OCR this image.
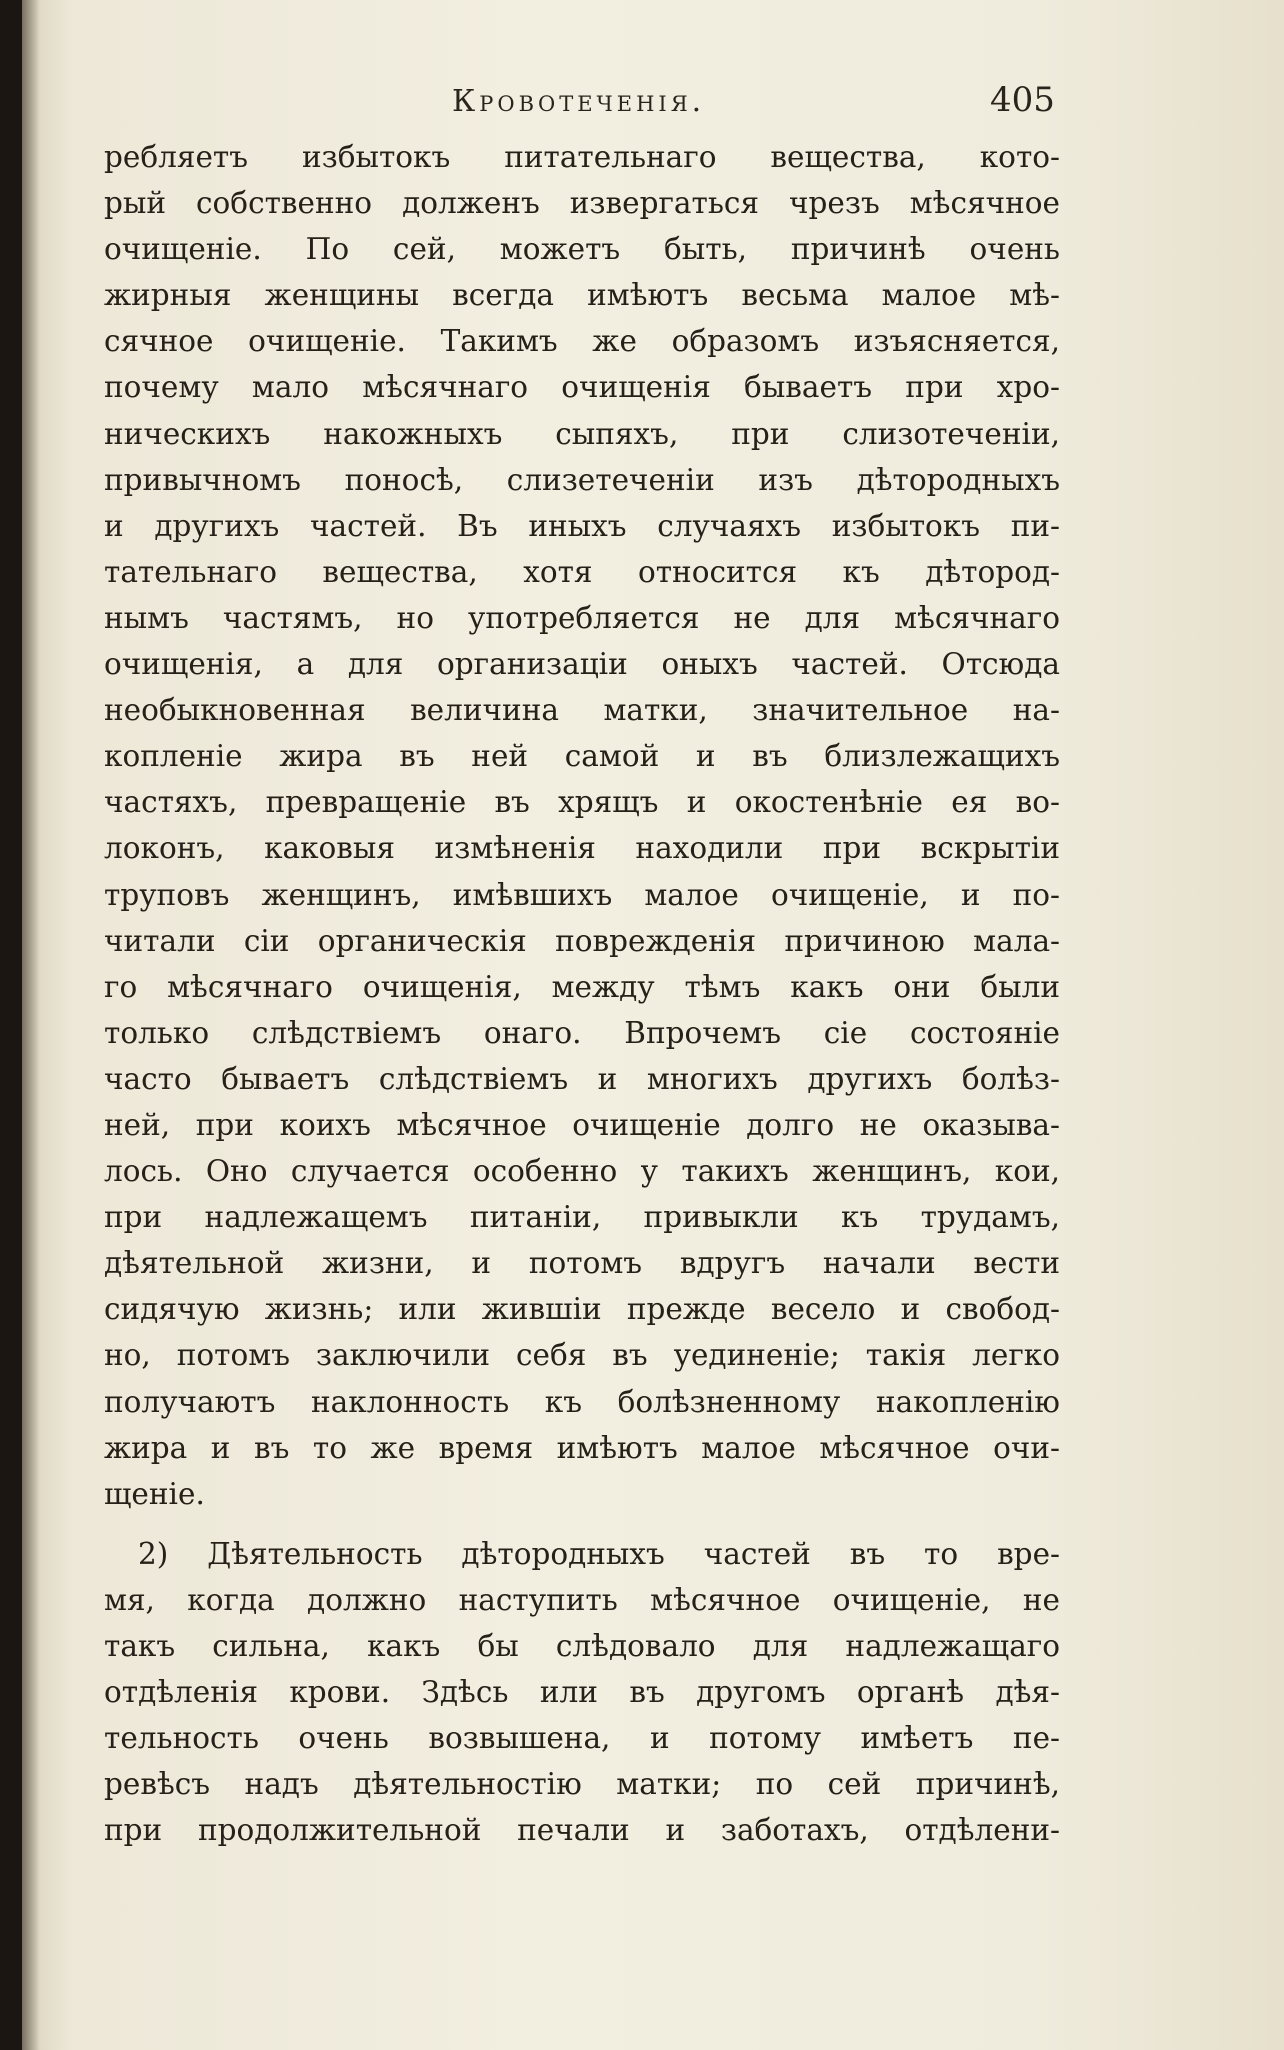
Кровотеченія.	405
ребляетъ избытокъ питательнаго вещества, кото-
рый собственно долженъ извергаться чрезъ мѣсячное
очищеніе. По сей, можетъ быть, причинѣ очень
жирныя женщины всегда имѣютъ весьма малое мѣ-
сячное очищеніе. Такимъ же образомъ изъясняется,
почему мало мѣсячнаго очищенія бываетъ при хро-
ническихъ накожныхъ сыпяхъ, при слизотеченіи,
привычномъ поносѣ, слизетеченіи изъ дѣтородныхъ
и другихъ частей. Въ иныхъ случаяхъ избытокъ пи-
тательнаго вещества, хотя относится къ дѣтород-
нымъ частямъ, но употребляется не для мѣсячнаго
очищенія, а для организаціи оныхъ частей. Отсюда
необыкновенная величина матки, значительное на-
копленіе жира въ ней самой и въ близлежащихъ
частяхъ, превращеніе въ хрящъ и окостенѣніе ея во-
локонъ, каковыя измѣненія находили при вскрытіи
труповъ женщинъ, имѣвшихъ малое очищеніе, и по-
читали сіи органическія поврежденія причиною мала-
го мѣсячнаго очищенія, между тѣмъ какъ они были
только слѣдствіемъ онаго. Впрочемъ сіе состояніе
часто бываетъ слѣдствіемъ и многихъ другихъ болѣз-
ней, при коихъ мѣсячное очищеніе долго не оказыва-
лось. Оно случается особенно у такихъ женщинъ, кои,
при надлежащемъ питаніи, привыкли къ трудамъ,
дѣятельной жизни, и потомъ вдругъ начали вести
сидячую жизнь; или жившіи прежде весело и свобод-
но, потомъ заключили себя въ уединеніе; такія легко
получаютъ наклонность къ болѣзненному накопленію
жира и въ то же время имѣютъ малое мѣсячное очи-
щеніе.
2) Дѣятельность дѣтородныхъ частей въ то вре-
мя, когда должно наступить мѣсячное очищеніе, не
такъ сильна, какъ бы слѣдовало для надлежащаго
отдѣленія крови. Здѣсь или въ другомъ органѣ дѣя-
тельность очень возвышена, и потому имѣетъ пе-
ревѣсъ надъ дѣятельностію матки; по сей причинѣ,
при продолжительной печали и заботахъ, отдѣлени-
